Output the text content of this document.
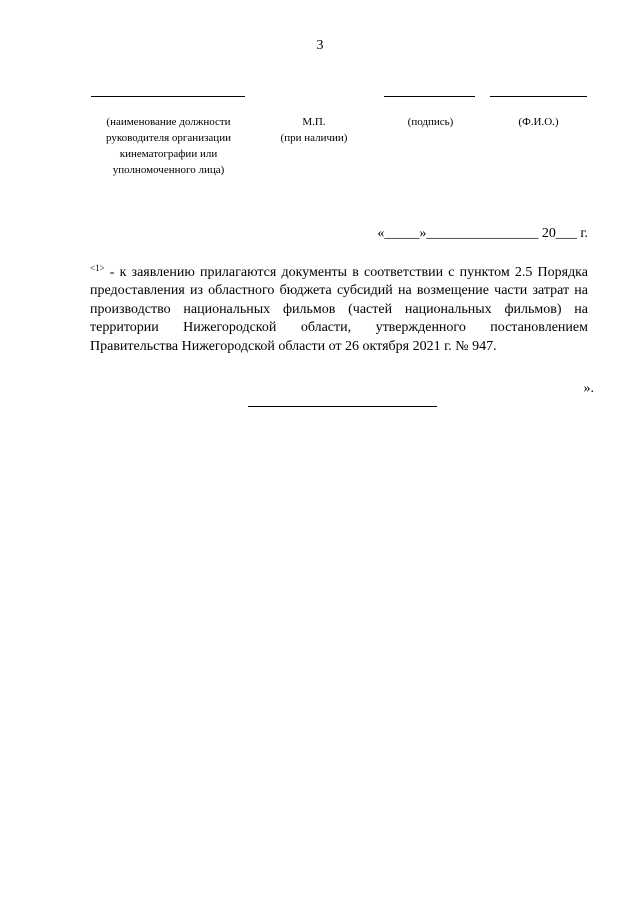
3
(наименование должности руководителя организации кинематографии или уполномоченного лица)
М.П.
(при наличии)
(подпись)	(Ф.И.О.)
«_____»________________ 20___ г.

$^{<1>}$ - к заявлению прилагаются документы в соответствии с пунктом 2.5 Порядка предоставления из областного бюджета субсидий на возмещение части затрат на производство национальных фильмов (частей национальных фильмов) на территории Нижегородской области, утвержденного постановлением Правительства Нижегородской области от 26 октября 2021 г. № 947.

».
